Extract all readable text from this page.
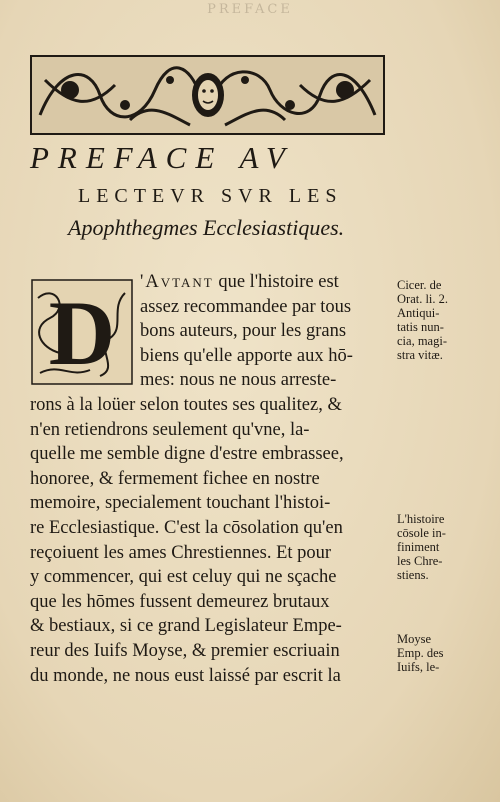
PREFACE
PREFACE AV
LECTEVR SVR LES
Apophthegmes Ecclesiastiques.
D	'Avtant que l'histoire est
assez recommandee par tous
bons auteurs, pour les grans
biens qu'elle apporte aux hō-
mes: nous ne nous arreste-
rons à la loüer selon toutes ses qualitez, &
n'en retiendrons seulement qu'vne, la-
quelle me semble digne d'estre embrassee,
honoree, & fermement fichee en nostre
memoire, specialement touchant l'histoi-
re Ecclesiastique. C'est la cōsolation qu'en
reçoiuent les ames Chrestiennes. Et pour
y commencer, qui est celuy qui ne sçache
que les hōmes fussent demeurez brutaux
& bestiaux, si ce grand Legislateur Empe-
reur des Iuifs Moyse, & premier escriuain
du monde, ne nous eust laissé par escrit la
Cicer. de
Orat. li. 2.
Antiqui-
tatis nun-
cia, magi-
stra vitæ.
L'histoire
cōsole in-
finiment
les Chre-
stiens.
Moyse
Emp. des
Iuifs, le-
